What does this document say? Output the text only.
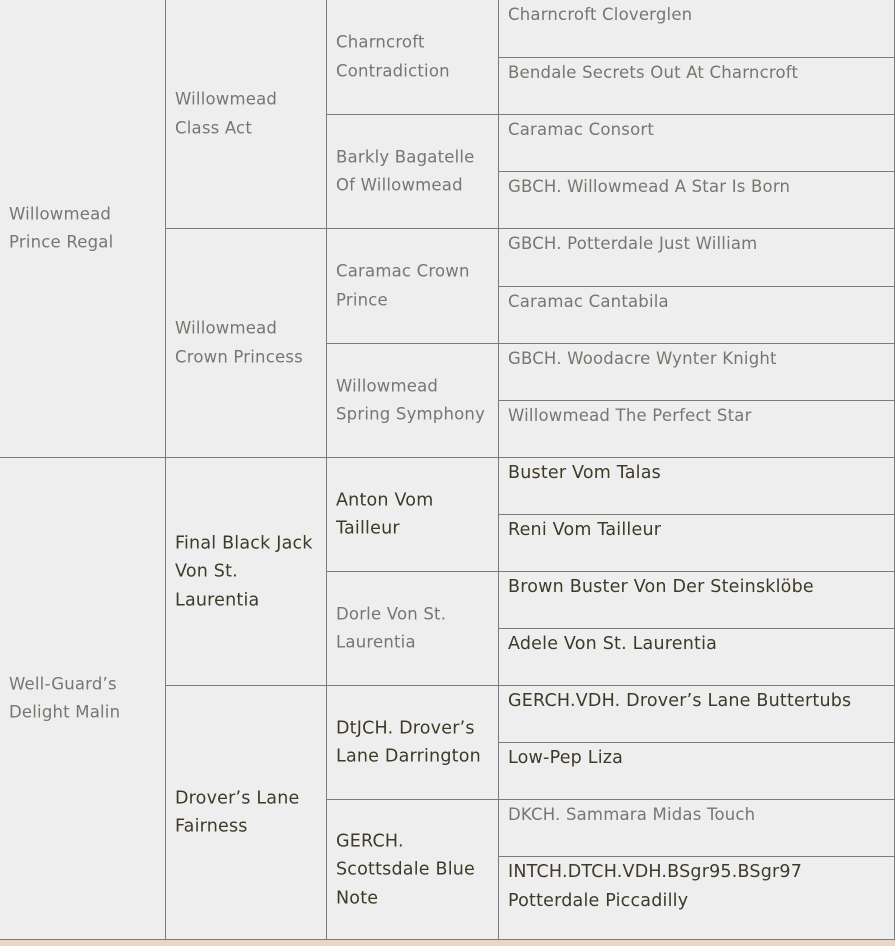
Willowmead Prince Regal
Well-Guard’s Delight Malin
Willowmead Class Act
Willowmead Crown Princess
Final Black Jack Von St. Laurentia
Drover’s Lane Fairness
Charncroft Contradiction
Barkly Bagatelle Of Willowmead
Caramac Crown Prince
Willowmead Spring Symphony
Anton Vom Tailleur
Dorle Von St. Laurentia
DtJCH. Drover’s Lane Darrington
GERCH. Scottsdale Blue Note
Charncroft Cloverglen
Bendale Secrets Out At Charncroft
Caramac Consort
GBCH. Willowmead A Star Is Born
GBCH. Potterdale Just William
Caramac Cantabila
GBCH. Woodacre Wynter Knight
Willowmead The Perfect Star
Buster Vom Talas
Reni Vom Tailleur
Brown Buster Von Der Steinsklöbe
Adele Von St. Laurentia
GERCH.VDH. Drover’s Lane Buttertubs
Low-Pep Liza
DKCH. Sammara Midas Touch
INTCH.DTCH.VDH.BSgr95.BSgr97 Potterdale Piccadilly
